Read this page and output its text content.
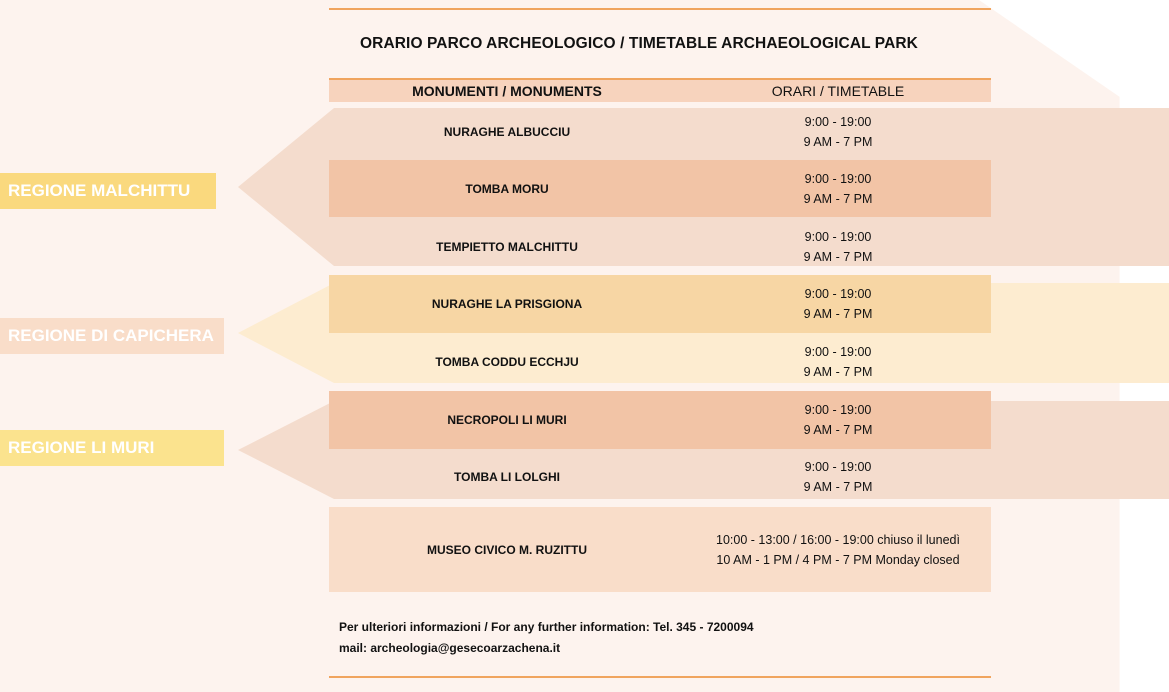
REGIONE MALCHITTU
REGIONE DI CAPICHERA
REGIONE LI MURI
ORARIO PARCO ARCHEOLOGICO / TIMETABLE ARCHAEOLOGICAL PARK
MONUMENTI / MONUMENTS	ORARI / TIMETABLE
NURAGHE ALBUCCIU
9:00 - 19:00
9 AM - 7 PM
TOMBA MORU
9:00 - 19:00
9 AM - 7 PM
TEMPIETTO MALCHITTU
9:00 - 19:00
9 AM - 7 PM
NURAGHE LA PRISGIONA
9:00 - 19:00
9 AM - 7 PM
TOMBA CODDU ECCHJU
9:00 - 19:00
9 AM - 7 PM
NECROPOLI LI MURI
9:00 - 19:00
9 AM - 7 PM
TOMBA LI LOLGHI
9:00 - 19:00
9 AM - 7 PM
MUSEO CIVICO M. RUZITTU
10:00 - 13:00 / 16:00 - 19:00 chiuso il lunedì
10 AM - 1 PM / 4 PM - 7 PM Monday closed
Per ulteriori informazioni / For any further information: Tel. 345 - 7200094
mail: archeologia@gesecoarzachena.it
